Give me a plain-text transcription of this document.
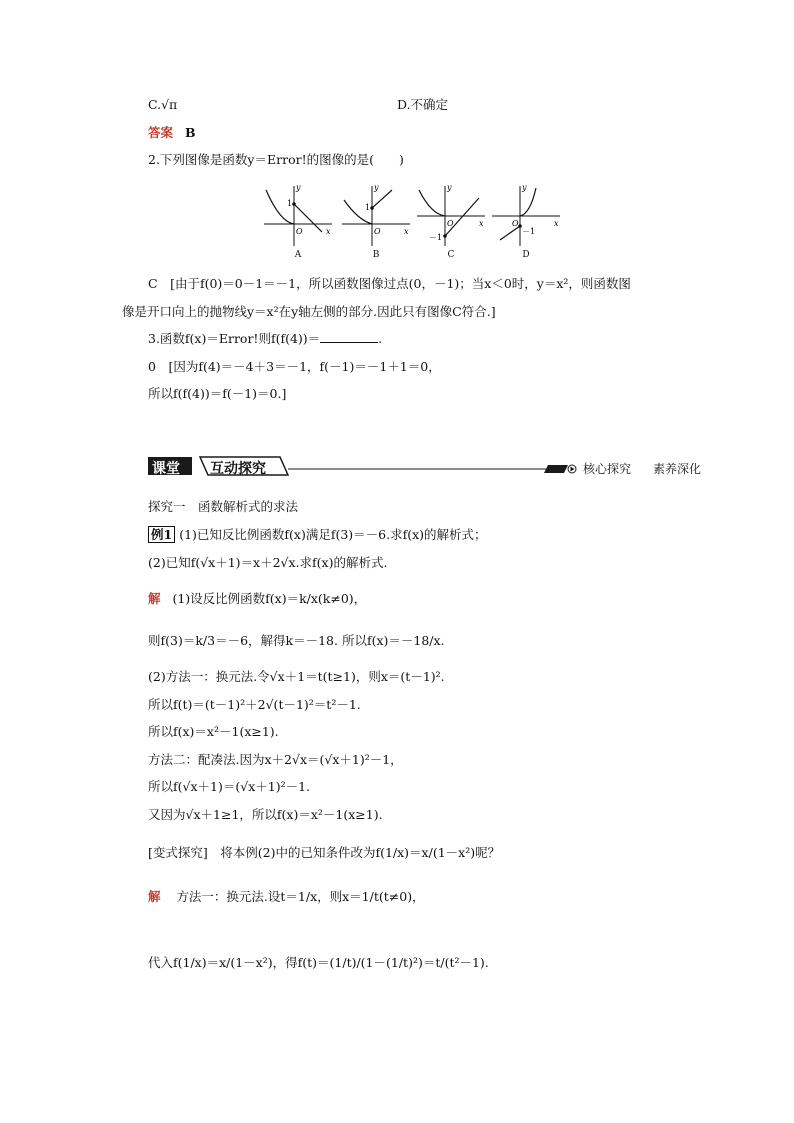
C.√π	D.不确定
答案 B
2.下列图像是函数y＝Error!的图像的是(　　)
y
x
O
1
A
y
x
O
1
B
y
x
O
－1
C
y
x
O
－1
D
C　[由于f(0)＝0－1＝－1，所以函数图像过点(0，－1)；当x＜0时，y＝x²，则函数图
像是开口向上的抛物线y＝x²在y轴左侧的部分.因此只有图像C符合.]
3.函数f(x)＝Error!则f(f(4))＝	.
0　[因为f(4)＝－4＋3＝－1，f(－1)＝－1＋1＝0，
所以f(f(4))＝f(－1)＝0.]
课堂 互动探究	核心探究 素养深化
探究一　函数解析式的求法
例1 (1)已知反比例函数f(x)满足f(3)＝－6.求f(x)的解析式；
(2)已知f(√x＋1)＝x＋2√x.求f(x)的解析式.
解 (1)设反比例函数f(x)＝k/x(k≠0)，
则f(3)＝k/3＝－6，解得k＝－18. 所以f(x)＝－18/x.
(2)方法一：换元法.令√x＋1＝t(t≥1)，则x＝(t－1)².
所以f(t)＝(t－1)²＋2√(t－1)²＝t²－1.
所以f(x)＝x²－1(x≥1).
方法二：配凑法.因为x＋2√x＝(√x＋1)²－1，
所以f(√x＋1)＝(√x＋1)²－1.
又因为√x＋1≥1，所以f(x)＝x²－1(x≥1).
[变式探究]　将本例(2)中的已知条件改为f(1/x)＝x/(1－x²)呢？
解 方法一：换元法.设t＝1/x，则x＝1/t(t≠0)，
代入f(1/x)＝x/(1－x²)，得f(t)＝(1/t)/(1－(1/t)²)＝t/(t²－1).
